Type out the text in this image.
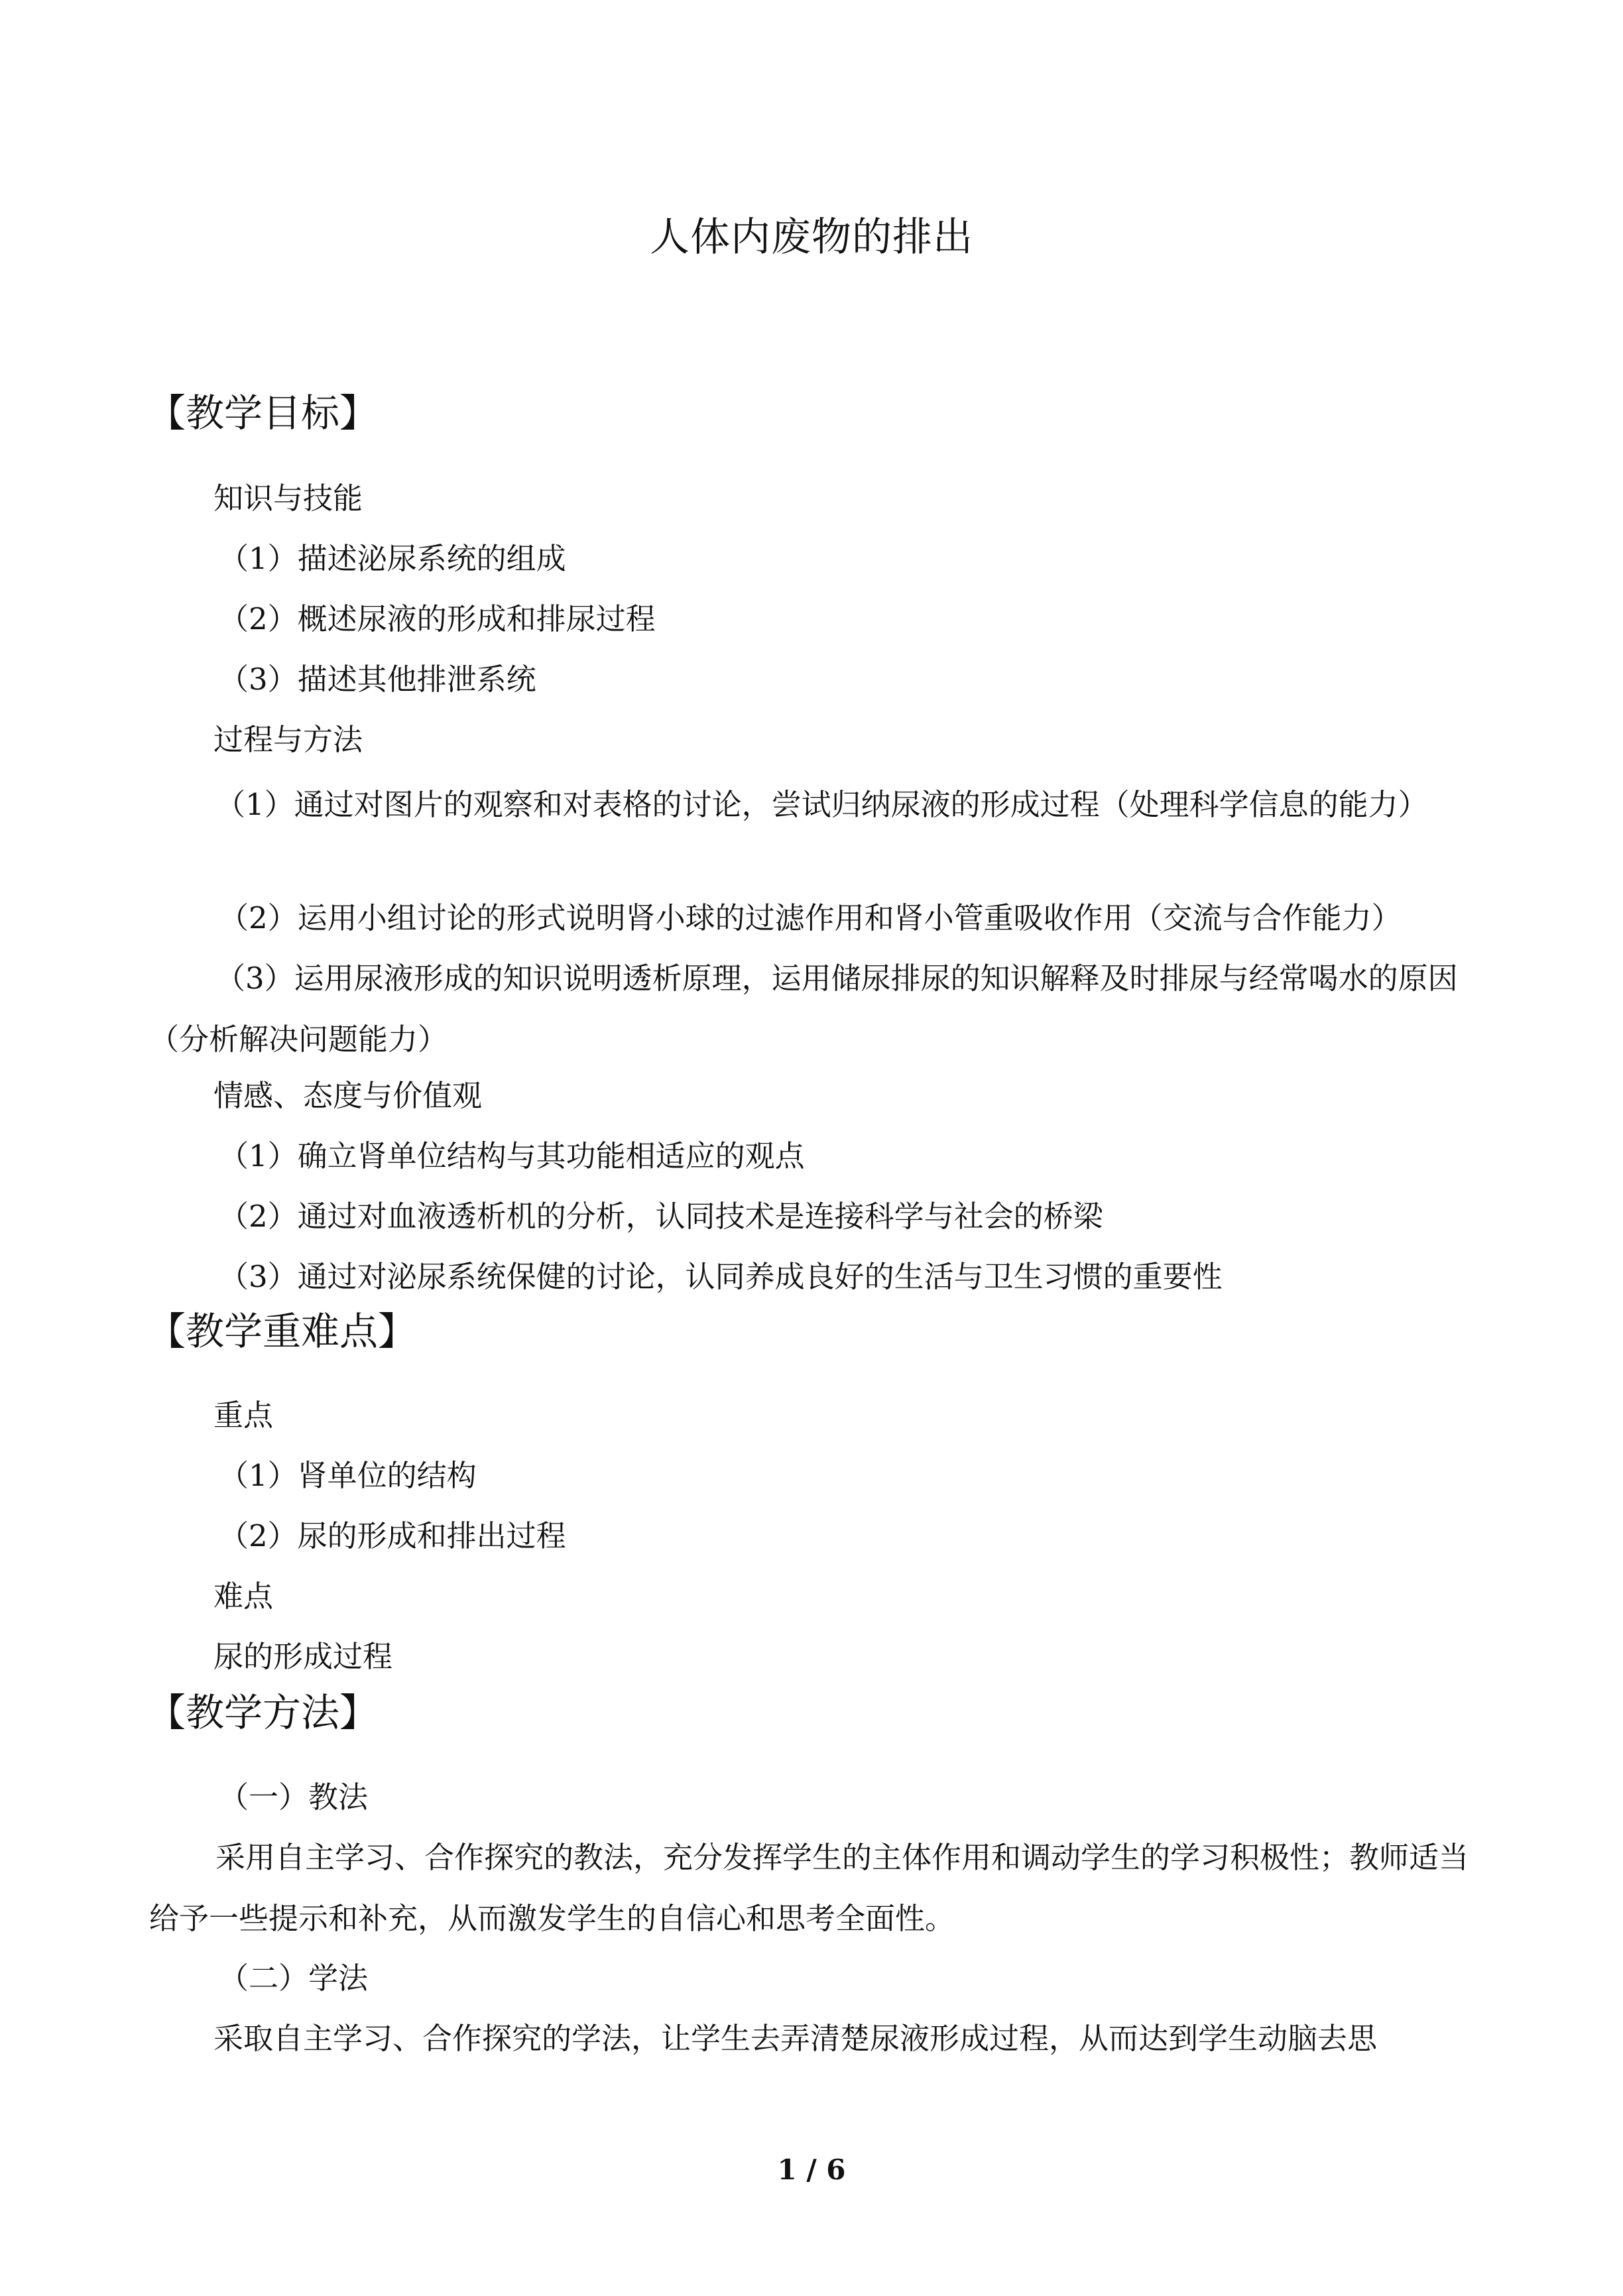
人体内废物的排出
【教学目标】
知识与技能
（1）描述泌尿系统的组成
（2）概述尿液的形成和排尿过程
（3）描述其他排泄系统
过程与方法
（1）通过对图片的观察和对表格的讨论，尝试归纳尿液的形成过程（处理科学信息的能力）
（2）运用小组讨论的形式说明肾小球的过滤作用和肾小管重吸收作用（交流与合作能力）
（3）运用尿液形成的知识说明透析原理，运用储尿排尿的知识解释及时排尿与经常喝水的原因（分析解决问题能力）
情感、态度与价值观
（1）确立肾单位结构与其功能相适应的观点
（2）通过对血液透析机的分析，认同技术是连接科学与社会的桥梁
（3）通过对泌尿系统保健的讨论，认同养成良好的生活与卫生习惯的重要性
【教学重难点】
重点
（1）肾单位的结构
（2）尿的形成和排出过程
难点
尿的形成过程
【教学方法】
（一）教法
采用自主学习、合作探究的教法，充分发挥学生的主体作用和调动学生的学习积极性；教师适当给予一些提示和补充，从而激发学生的自信心和思考全面性。
（二）学法
采取自主学习、合作探究的学法，让学生去弄清楚尿液形成过程，从而达到学生动脑去思
1 / 6
